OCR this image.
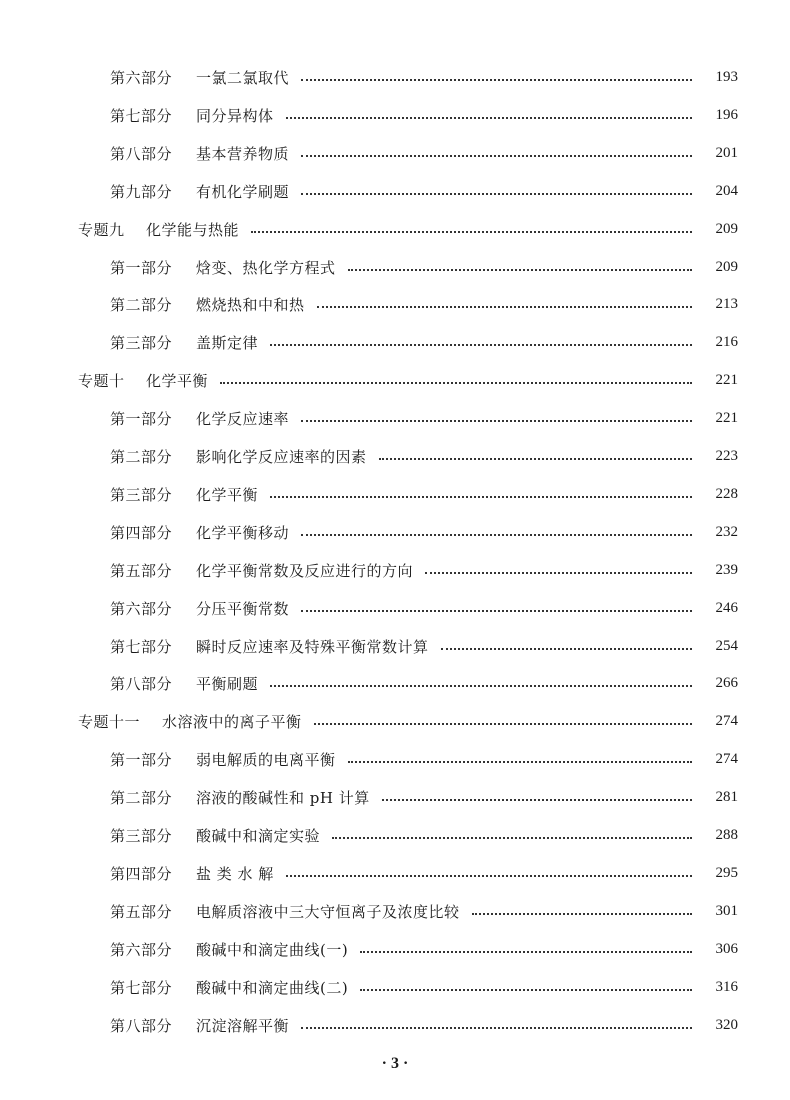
第六部分	一氯二氯取代	193
第七部分	同分异构体	196
第八部分	基本营养物质	201
第九部分	有机化学刷题	204
专题九	化学能与热能	209
第一部分	焓变、热化学方程式	209
第二部分	燃烧热和中和热	213
第三部分	盖斯定律	216
专题十	化学平衡	221
第一部分	化学反应速率	221
第二部分	影响化学反应速率的因素	223
第三部分	化学平衡	228
第四部分	化学平衡移动	232
第五部分	化学平衡常数及反应进行的方向	239
第六部分	分压平衡常数	246
第七部分	瞬时反应速率及特殊平衡常数计算	254
第八部分	平衡刷题	266
专题十一	水溶液中的离子平衡	274
第一部分	弱电解质的电离平衡	274
第二部分	溶液的酸碱性和 pH 计算	281
第三部分	酸碱中和滴定实验	288
第四部分	盐 类 水 解	295
第五部分	电解质溶液中三大守恒离子及浓度比较	301
第六部分	酸碱中和滴定曲线(一)	306
第七部分	酸碱中和滴定曲线(二)	316
第八部分	沉淀溶解平衡	320
· 3 ·
